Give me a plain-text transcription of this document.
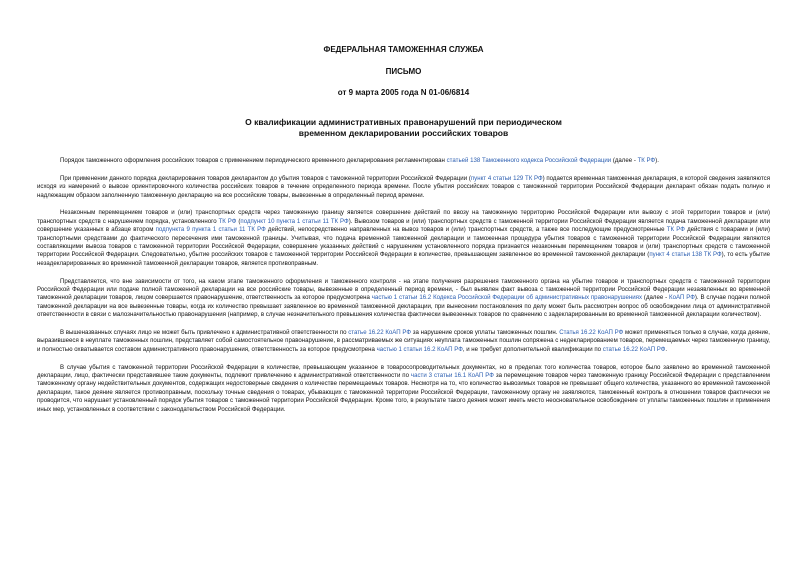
ФЕДЕРАЛЬНАЯ ТАМОЖЕННАЯ СЛУЖБА
ПИСЬМО
от 9 марта 2005 года N 01-06/6814
О квалификации административных правонарушений при периодическом
временном декларировании российских товаров

Порядок таможенного оформления российских товаров с применением периодического временного декларирования регламентирован статьей 138 Таможенного кодекса Российской Федерации (далее - ТК РФ).

При применении данного порядка декларирования товаров декларантом до убытия товаров с таможенной территории Российской Федерации (пункт 4 статьи 129 ТК РФ) подается временная таможенная декларация, в которой сведения заявляются исходя из намерений о вывозе ориентировочного количества российских товаров в течение определенного периода времени. После убытия российских товаров с таможенной территории Российской Федерации декларант обязан подать полную и надлежащим образом заполненную таможенную декларацию на все российские товары, вывезенные в определенный период времени.

Незаконным перемещением товаров и (или) транспортных средств через таможенную границу является совершение действий по ввозу на таможенную территорию Российской Федерации или вывозу с этой территории товаров и (или) транспортных средств с нарушением порядка, установленного ТК РФ (подпункт 10 пункта 1 статьи 11 ТК РФ). Вывозом товаров и (или) транспортных средств с таможенной территории Российской Федерации является подача таможенной декларации или совершение указанных в абзаце втором подпункта 9 пункта 1 статьи 11 ТК РФ действий, непосредственно направленных на вывоз товаров и (или) транспортных средств, а также все последующие предусмотренные ТК РФ действия с товарами и (или) транспортными средствами до фактического пересечения ими таможенной границы. Учитывая, что подача временной таможенной декларации и таможенная процедура убытия товаров с таможенной территории Российской Федерации являются составляющими вывоза товаров с таможенной территории Российской Федерации, совершение указанных действий с нарушением установленного порядка признается незаконным перемещением товаров и (или) транспортных средств с таможенной территории Российской Федерации. Следовательно, убытие российских товаров с таможенной территории Российской Федерации в количестве, превышающем заявленное во временной таможенной декларации (пункт 4 статьи 138 ТК РФ), то есть убытие незадекларированных во временной таможенной декларации товаров, является противоправным.

Представляется, что вне зависимости от того, на каком этапе таможенного оформления и таможенного контроля - на этапе получения разрешения таможенного органа на убытие товаров и транспортных средств с таможенной территории Российской Федерации или подаче полной таможенной декларации на все российские товары, вывезенные в определенный период времени, - был выявлен факт вывоза с таможенной территории Российской Федерации незаявленных во временной таможенной декларации товаров, лицом совершается правонарушение, ответственность за которое предусмотрена частью 1 статьи 16.2 Кодекса Российской Федерации об административных правонарушениях (далее - КоАП РФ). В случае подачи полной таможенной декларации на все вывезенные товары, когда их количество превышает заявленное во временной таможенной декларации, при вынесении постановления по делу может быть рассмотрен вопрос об освобождении лица от административной ответственности в связи с малозначительностью правонарушения (например, в случае незначительного превышения количества фактически вывезенных товаров по сравнению с задекларированным во временной таможенной декларации количеством).

В вышеназванных случаях лицо не может быть привлечено к административной ответственности по статье 16.22 КоАП РФ за нарушение сроков уплаты таможенных пошлин. Статья 16.22 КоАП РФ может применяться только в случае, когда деяние, выразившееся в неуплате таможенных пошлин, представляет собой самостоятельное правонарушение, в рассматриваемых же ситуациях неуплата таможенных пошлин сопряжена с недекларированием товаров, перемещаемых через таможенную границу, и полностью охватывается составом административного правонарушения, ответственность за которое предусмотрена частью 1 статьи 16.2 КоАП РФ, и не требует дополнительной квалификации по статье 16.22 КоАП РФ.

В случае убытия с таможенной территории Российской Федерации в количестве, превышающем указанное в товаросопроводительных документах, но в пределах того количества товаров, которое было заявлено во временной таможенной декларации, лицо, фактически представившее такие документы, подлежит привлечению к административной ответственности по части 3 статьи 16.1 КоАП РФ за перемещение товаров через таможенную границу Российской Федерации с представлением таможенному органу недействительных документов, содержащих недостоверные сведения о количестве перемещаемых товаров. Несмотря на то, что количество вывозимых товаров не превышает общего количества, указанного во временной таможенной декларации, такое деяние является противоправным, поскольку точные сведения о товарах, убывающих с таможенной территории Российской Федерации, таможенному органу не заявляются, таможенный контроль в отношении товаров фактически не проводится, что нарушает установленный порядок убытия товаров с таможенной территории Российской Федерации. Кроме того, в результате такого деяния может иметь место неосновательное освобождение от уплаты таможенных пошлин и применения иных мер, установленных в соответствии с законодательством Российской Федерации.
